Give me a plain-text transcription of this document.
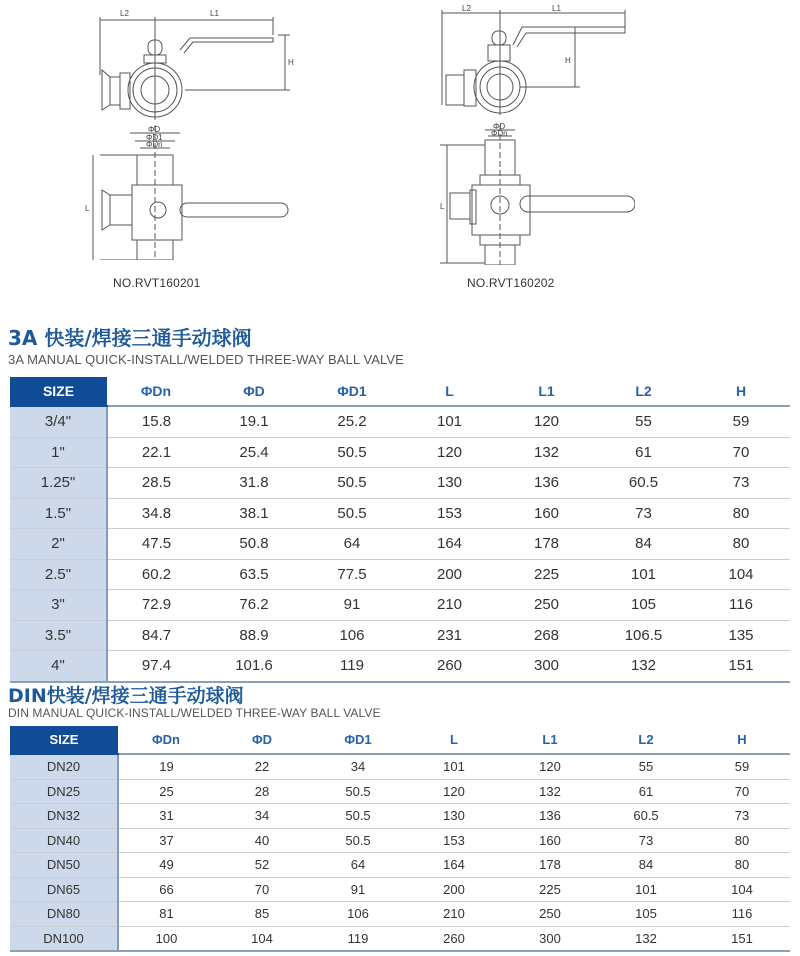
L2	L1
H
L
ΦD
ΦD1
ΦDn
NO.RVT160201
L2	L1
H
L
ΦD
ΦDn
NO.RVT160202
3A 快装/焊接三通手动球阀
3A MANUAL QUICK-INSTALL/WELDED THREE-WAY BALL VALVE
SIZE	ΦDn	ΦD	ΦD1	L	L1	L2	H
3/4"	15.8	19.1	25.2	101	120	55	59
1"	22.1	25.4	50.5	120	132	61	70
1.25"	28.5	31.8	50.5	130	136	60.5	73
1.5"	34.8	38.1	50.5	153	160	73	80
2"	47.5	50.8	64	164	178	84	80
2.5"	60.2	63.5	77.5	200	225	101	104
3"	72.9	76.2	91	210	250	105	116
3.5"	84.7	88.9	106	231	268	106.5	135
4"	97.4	101.6	119	260	300	132	151
DIN快装/焊接三通手动球阀
DIN MANUAL QUICK-INSTALL/WELDED THREE-WAY BALL VALVE
SIZE	ΦDn	ΦD	ΦD1	L	L1	L2	H
DN20	19	22	34	101	120	55	59
DN25	25	28	50.5	120	132	61	70
DN32	31	34	50.5	130	136	60.5	73
DN40	37	40	50.5	153	160	73	80
DN50	49	52	64	164	178	84	80
DN65	66	70	91	200	225	101	104
DN80	81	85	106	210	250	105	116
DN100	100	104	119	260	300	132	151
